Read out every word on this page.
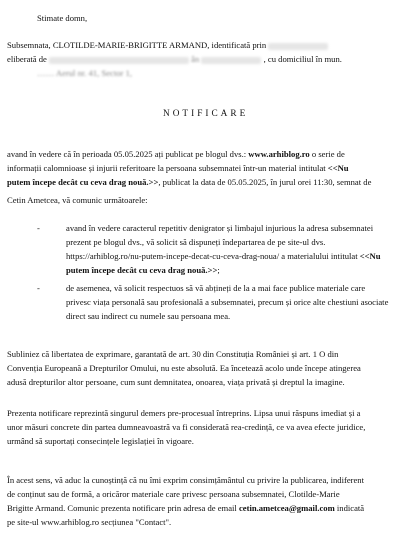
Stimate domn,
Subsemnata, CLOTILDE-MARIE-BRIGITTE ARMAND, identificată prin
eliberată de	ân	, cu domiciliul în mun.
…… Aerul nr. 41, Sector 1,
NOTIFICARE
avand în vedere că în perioada 05.05.2025 ați publicat pe blogul dvs.: www.arhiblog.ro o serie de
informații calomnioase și injurii referitoare la persoana subsemnatei într-un material intitulat <<Nu
putem începe decât cu ceva drag nouă.>>, publicat la data de 05.05.2025, în jurul orei 11:30, semnat de
Cetin Ametcea, vă comunic următoarele:
-	avand în vedere caracterul repetitiv denigrator și limbajul injurious la adresa subsemnatei
prezent pe blogul dvs., vă solicit să dispuneți îndepartarea de pe site-ul dvs.
https://arhiblog.ro/nu-putem-incepe-decat-cu-ceva-drag-noua/ a materialului intitulat <<Nu
putem începe decât cu ceva drag nouă.>>;
-	de asemenea, vă solicit respectuos să vă abțineți de la a mai face publice materiale care
privesc viața personală sau profesională a subsemnatei, precum și orice alte chestiuni asociate
direct sau indirect cu numele sau persoana mea.
Subliniez că libertatea de exprimare, garantată de art. 30 din Constituția României și art. 1 O din
Convenția Europeană a Drepturilor Omului, nu este absolută. Ea încetează acolo unde începe atingerea
adusă drepturilor altor persoane, cum sunt demnitatea, onoarea, viața privată și dreptul la imagine.
Prezenta notificare reprezintă singurul demers pre-procesual întreprins. Lipsa unui răspuns imediat și a
unor măsuri concrete din partea dumneavoastră va fi considerată rea-credință, ce va avea efecte juridice,
urmând să suportați consecințele legislației în vigoare.
În acest sens, vă aduc la cunoștință că nu îmi exprim consimțământul cu privire la publicarea, indiferent
de conținut sau de formă, a oricăror materiale care privesc persoana subsemnatei, Clotilde-Marie
Brigitte Armand. Comunic prezenta notificare prin adresa de email cetin.ametcea@gmail.com indicată
pe site-ul www.arhiblog.ro secțiunea "Contact".
